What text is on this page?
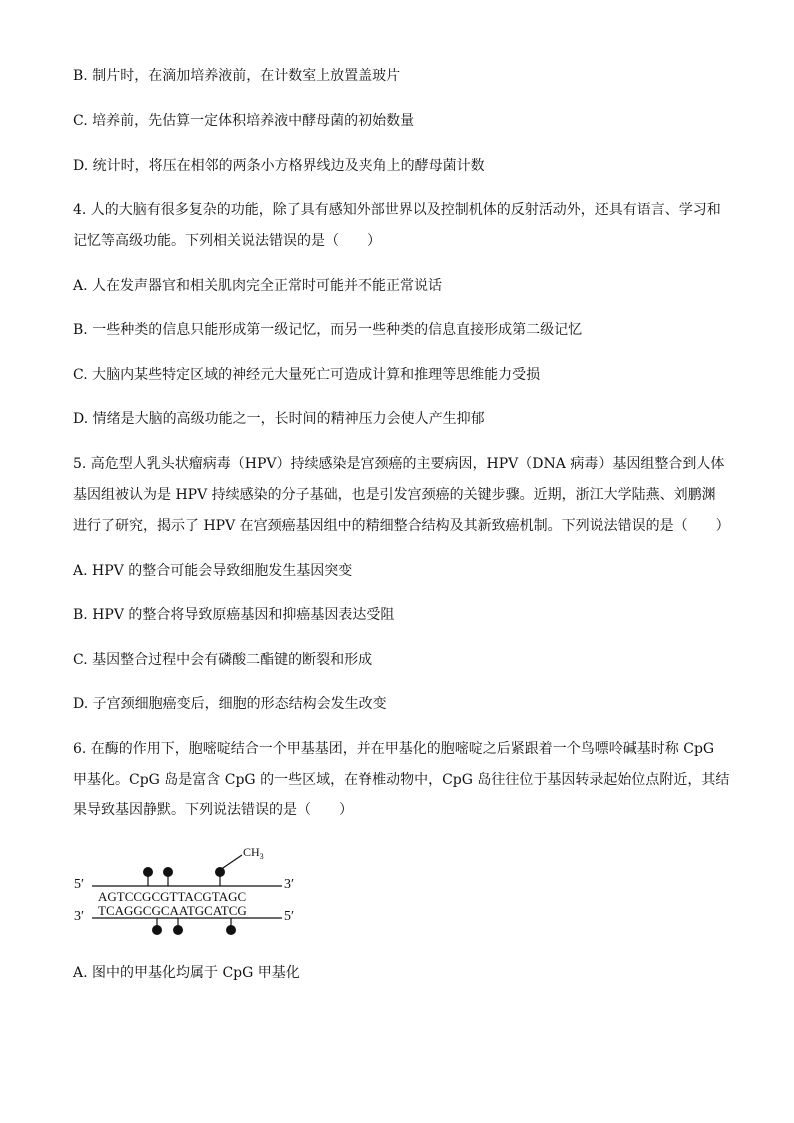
B. 制片时，在滴加培养液前，在计数室上放置盖玻片
C. 培养前，先估算一定体积培养液中酵母菌的初始数量
D. 统计时，将压在相邻的两条小方格界线边及夹角上的酵母菌计数
4. 人的大脑有很多复杂的功能，除了具有感知外部世界以及控制机体的反射活动外，还具有语言、学习和
记忆等高级功能。下列相关说法错误的是（　　）
A. 人在发声器官和相关肌肉完全正常时可能并不能正常说话
B. 一些种类的信息只能形成第一级记忆，而另一些种类的信息直接形成第二级记忆
C. 大脑内某些特定区域的神经元大量死亡可造成计算和推理等思维能力受损
D. 情绪是大脑的高级功能之一，长时间的精神压力会使人产生抑郁
5. 高危型人乳头状瘤病毒（HPV）持续感染是宫颈癌的主要病因，HPV（DNA 病毒）基因组整合到人体
基因组被认为是 HPV 持续感染的分子基础，也是引发宫颈癌的关键步骤。近期，浙江大学陆燕、刘鹏渊
进行了研究，揭示了 HPV 在宫颈癌基因组中的精细整合结构及其新致癌机制。下列说法错误的是（　　）
A. HPV 的整合可能会导致细胞发生基因突变
B. HPV 的整合将导致原癌基因和抑癌基因表达受阻
C. 基因整合过程中会有磷酸二酯键的断裂和形成
D. 子宫颈细胞癌变后，细胞的形态结构会发生改变
6. 在酶的作用下，胞嘧啶结合一个甲基基团，并在甲基化的胞嘧啶之后紧跟着一个鸟嘌呤碱基时称 CpG
甲基化。CpG 岛是富含 CpG 的一些区域，在脊椎动物中，CpG 岛往往位于基因转录起始位点附近，其结
果导致基因静默。下列说法错误的是（　　）
$CH_3$
5′	3′
AGTCCGCGTTACGTAGC
TCAGGCGCAATGCATCG
3′	5′
A. 图中的甲基化均属于 CpG 甲基化
